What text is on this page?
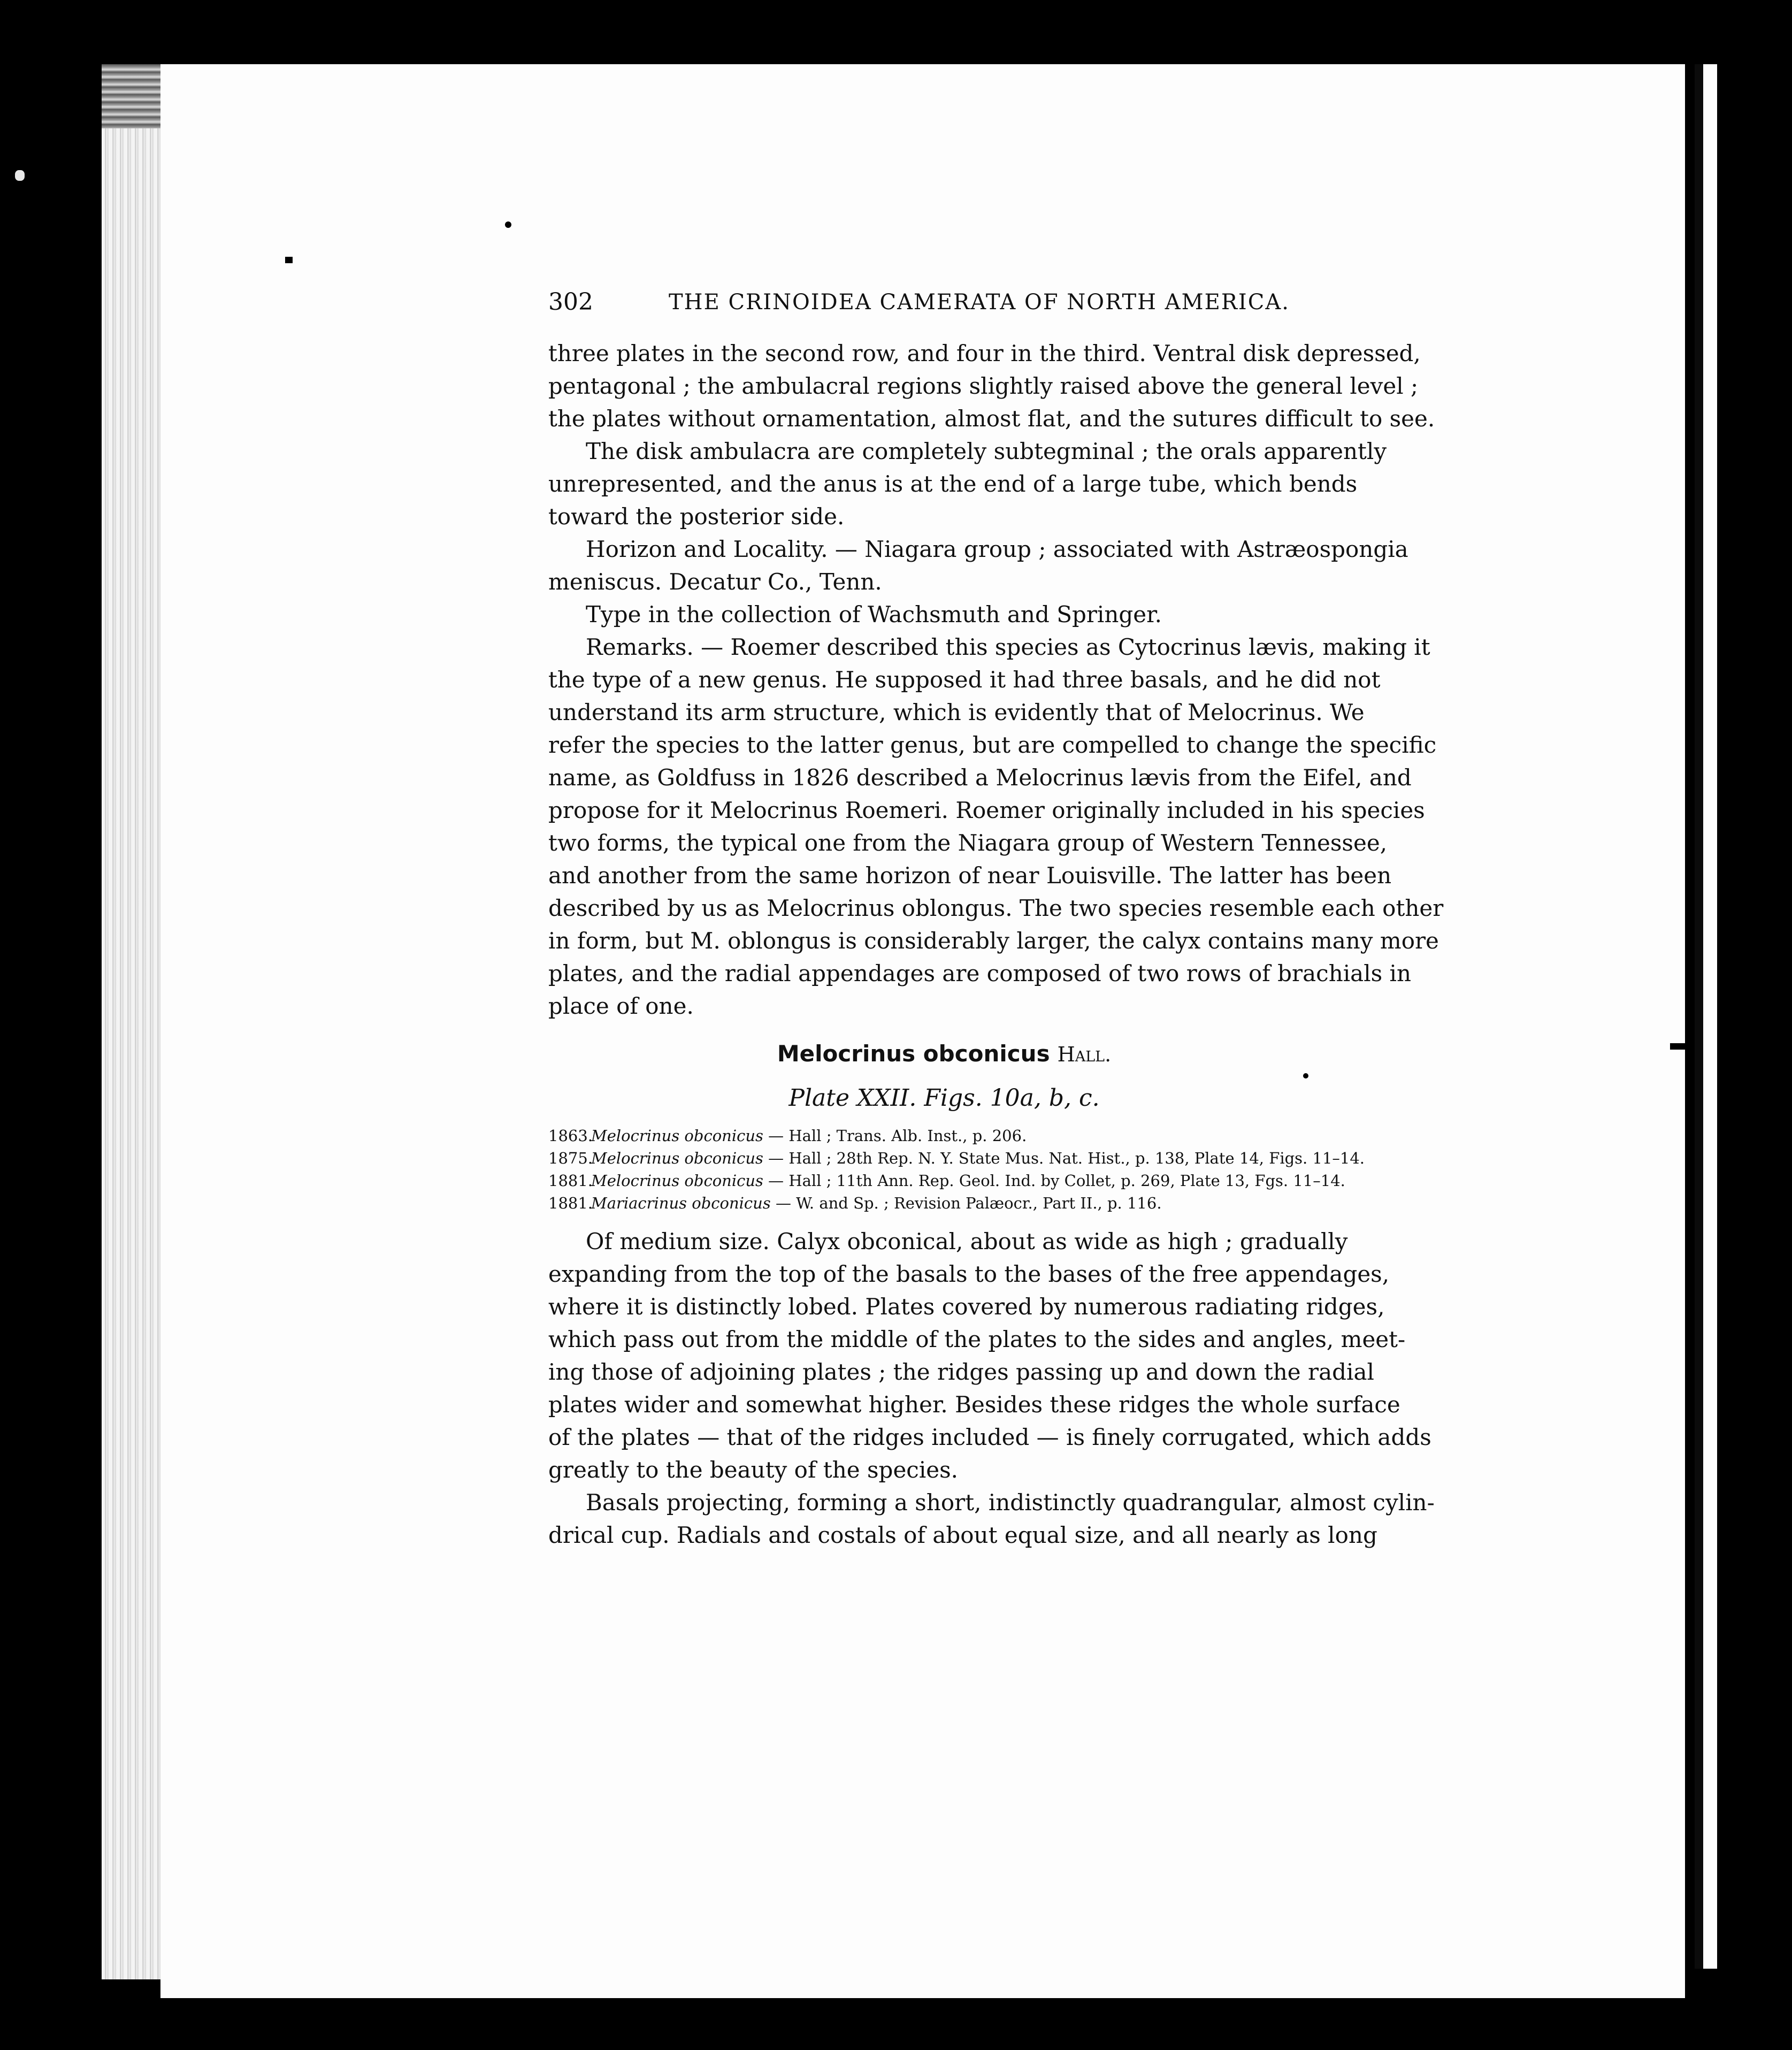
302	THE CRINOIDEA CAMERATA OF NORTH AMERICA.
three plates in the second row, and four in the third. Ventral disk depressed,
pentagonal ; the ambulacral regions slightly raised above the general level ;
the plates without ornamentation, almost flat, and the sutures difficult to see.
The disk ambulacra are completely subtegminal ; the orals apparently
unrepresented, and the anus is at the end of a large tube, which bends
toward the posterior side.
Horizon and Locality. — Niagara group ; associated with Astræospongia
meniscus. Decatur Co., Tenn.
Type in the collection of Wachsmuth and Springer.
Remarks. — Roemer described this species as Cytocrinus lævis, making it
the type of a new genus. He supposed it had three basals, and he did not
understand its arm structure, which is evidently that of Melocrinus. We
refer the species to the latter genus, but are compelled to change the specific
name, as Goldfuss in 1826 described a Melocrinus lævis from the Eifel, and
propose for it Melocrinus Roemeri. Roemer originally included in his species
two forms, the typical one from the Niagara group of Western Tennessee,
and another from the same horizon of near Louisville. The latter has been
described by us as Melocrinus oblongus. The two species resemble each other
in form, but M. oblongus is considerably larger, the calyx contains many more
plates, and the radial appendages are composed of two rows of brachials in
place of one.
Melocrinus obconicus Hall.
Plate XXII. Figs. 10a, b, c.
1863.Melocrinus obconicus — Hall ; Trans. Alb. Inst., p. 206.
1875.Melocrinus obconicus — Hall ; 28th Rep. N. Y. State Mus. Nat. Hist., p. 138, Plate 14, Figs. 11–14.
1881.Melocrinus obconicus — Hall ; 11th Ann. Rep. Geol. Ind. by Collet, p. 269, Plate 13, Fgs. 11–14.
1881.Mariacrinus obconicus — W. and Sp. ; Revision Palæocr., Part II., p. 116.
Of medium size. Calyx obconical, about as wide as high ; gradually
expanding from the top of the basals to the bases of the free appendages,
where it is distinctly lobed. Plates covered by numerous radiating ridges,
which pass out from the middle of the plates to the sides and angles, meet-
ing those of adjoining plates ; the ridges passing up and down the radial
plates wider and somewhat higher. Besides these ridges the whole surface
of the plates — that of the ridges included — is finely corrugated, which adds
greatly to the beauty of the species.
Basals projecting, forming a short, indistinctly quadrangular, almost cylin-
drical cup. Radials and costals of about equal size, and all nearly as long
